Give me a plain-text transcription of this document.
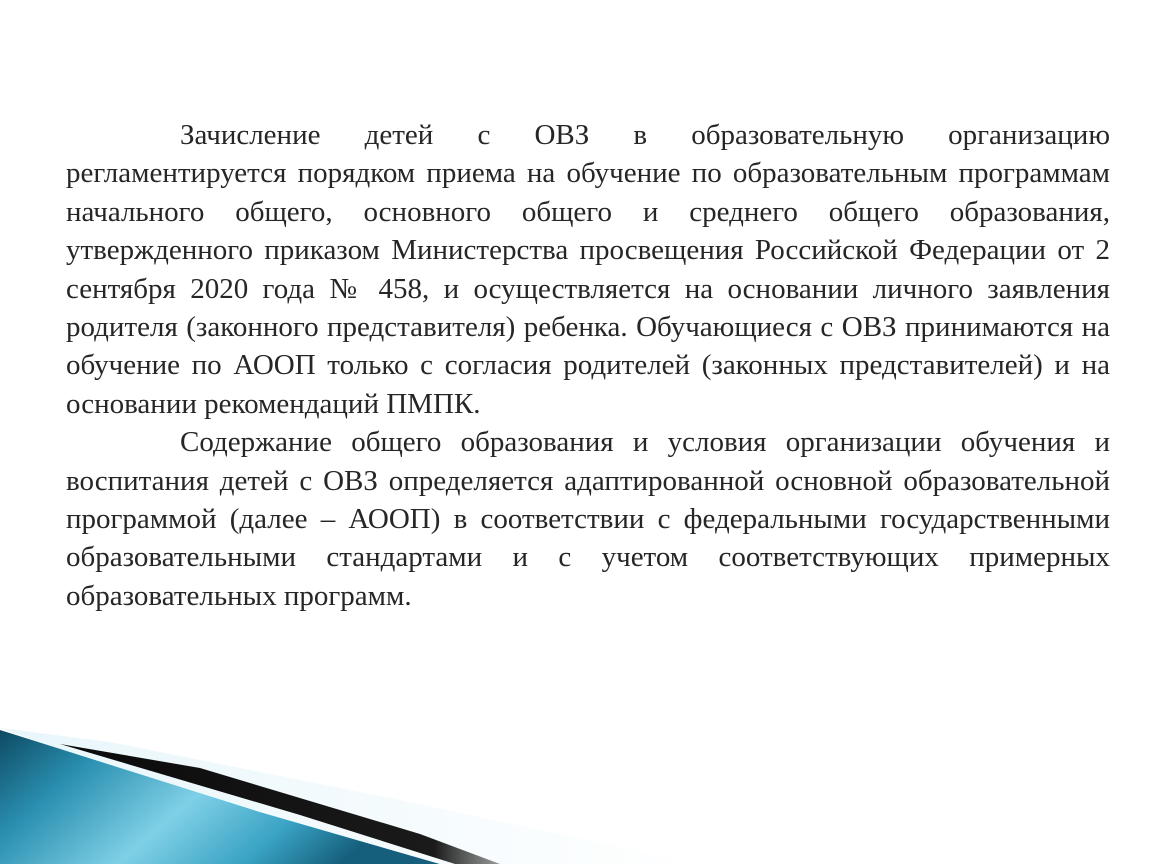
Зачисление детей с ОВЗ в образовательную организацию регламентируется порядком приема на обучение по образовательным программам начального общего, основного общего и среднего общего образования, утвержденного приказом Министерства просвещения Российской Федерации от 2 сентября 2020 года № 458, и осуществляется на основании личного заявления родителя (законного представителя) ребенка. Обучающиеся с ОВЗ принимаются на обучение по АООП только с согласия родителей (законных представителей) и на основании рекомендаций ПМПК.

Содержание общего образования и условия организации обучения и воспитания детей с ОВЗ определяется адаптированной основной образовательной программой (далее – АООП) в соответствии с федеральными государственными образовательными стандартами и с учетом соответствующих примерных образовательных программ.
